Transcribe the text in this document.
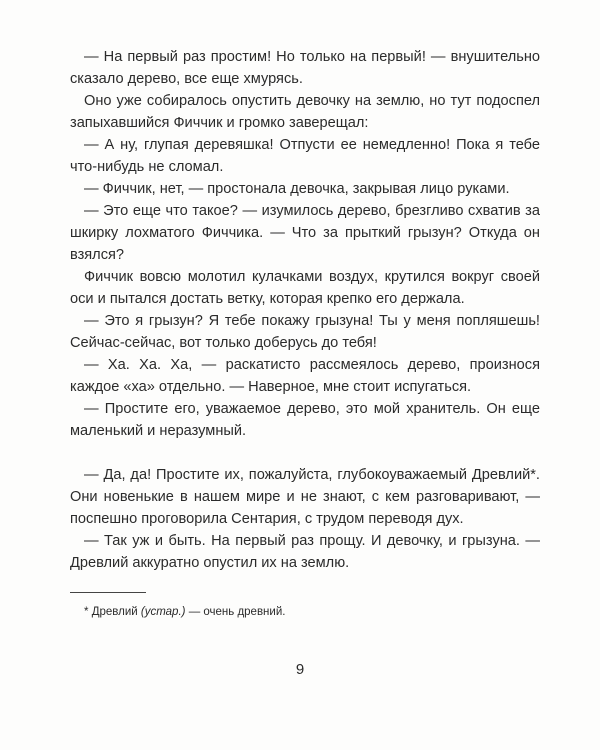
— На первый раз простим! Но только на первый! — внушительно сказало дерево, все еще хмурясь.

Оно уже собиралось опустить девочку на землю, но тут подоспел запыхавшийся Фиччик и громко заверещал:

— А ну, глупая деревяшка! Отпусти ее немедленно! Пока я тебе что-нибудь не сломал.

— Фиччик, нет, — простонала девочка, закрывая лицо руками.

— Это еще что такое? — изумилось дерево, брезгливо схватив за шкирку лохматого Фиччика. — Что за прыткий грызун? Откуда он взялся?

Фиччик вовсю молотил кулачками воздух, крутился вокруг своей оси и пытался достать ветку, которая крепко его держала.

— Это я грызун? Я тебе покажу грызуна! Ты у меня попляшешь! Сейчас-сейчас, вот только доберусь до тебя!

— Ха. Ха. Ха, — раскатисто рассмеялось дерево, произнося каждое «ха» отдельно. — Наверное, мне стоит испугаться.

— Простите его, уважаемое дерево, это мой хранитель. Он еще маленький и неразумный.

— Да, да! Простите их, пожалуйста, глубокоуважаемый Древлий*. Они новенькие в нашем мире и не знают, с кем разговаривают, — поспешно проговорила Сентария, с трудом переводя дух.

— Так уж и быть. На первый раз прощу. И девочку, и грызуна. — Древлий аккуратно опустил их на землю.

* Древлий (устар.) — очень древний.
9
